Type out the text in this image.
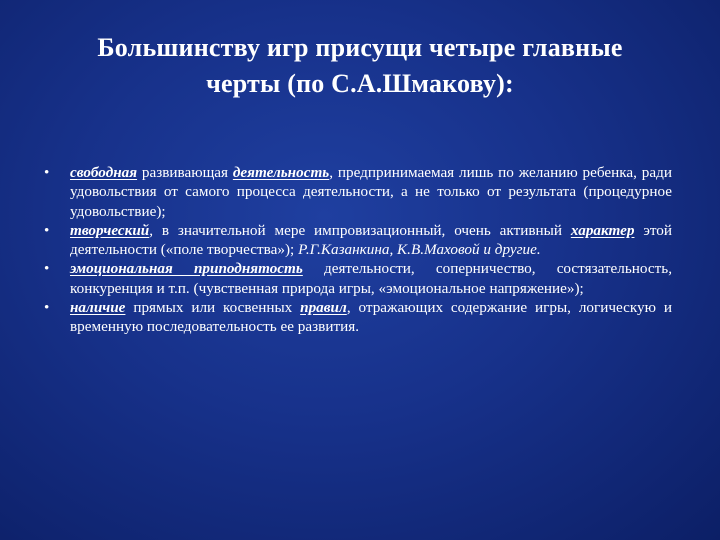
Большинству игр присущи четыре главные
черты (по С.А.Шмакову):
•	свободная развивающая деятельность, предпринимаемая лишь по желанию ребенка, ради удовольствия от самого процесса деятельности, а не только от результата (процедурное удовольствие);
•	творческий, в значительной мере импровизационный, очень активный характер этой деятельности («поле творчества»); Р.Г.Казанкина, К.В.Маховой и другие.
•	эмоциональная приподнятость деятельности, соперничество, состязательность, конкуренция и т.п. (чувственная природа игры, «эмоциональное напряжение»);
•	наличие прямых или косвенных правил, отражающих содержание игры, логическую и временную последовательность ее развития.
